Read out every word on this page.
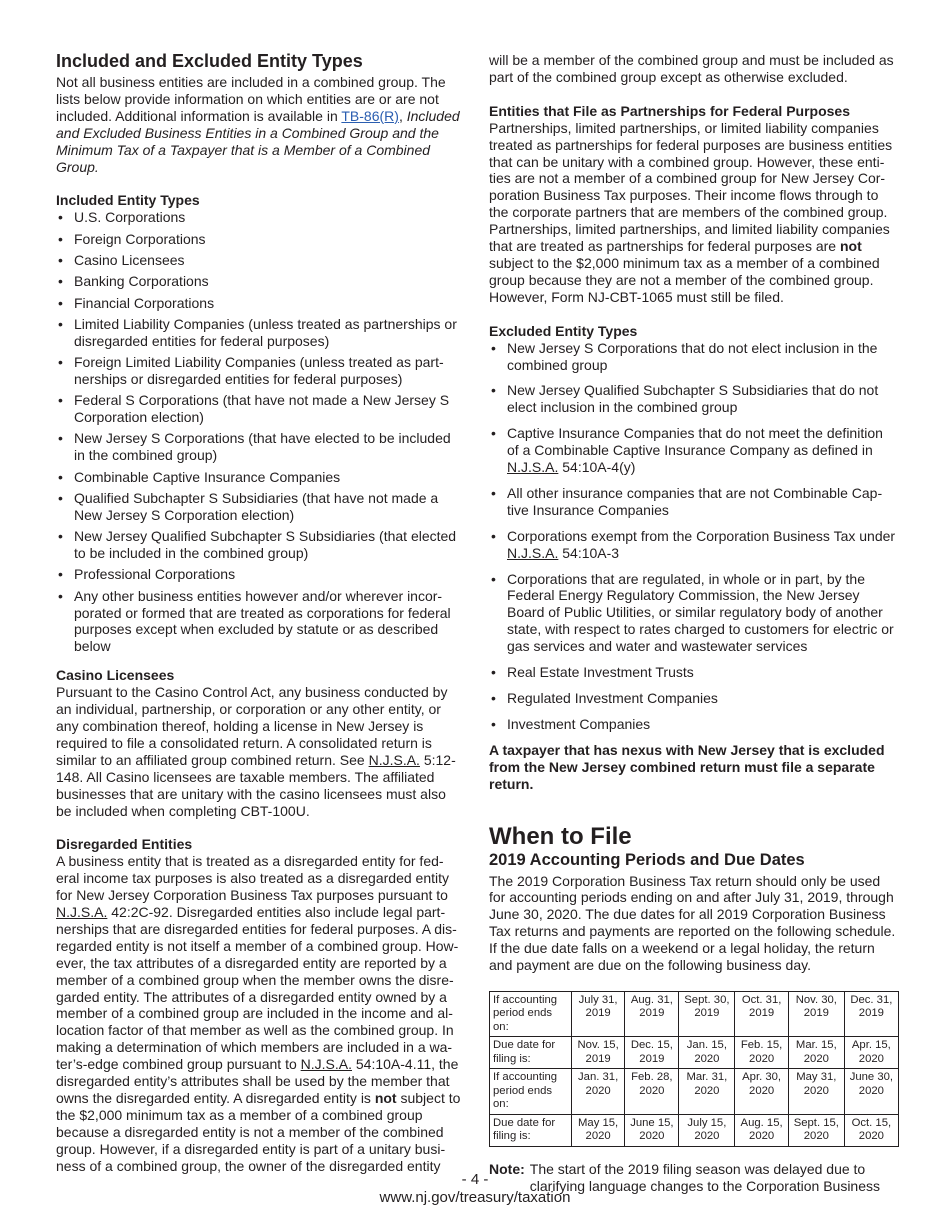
Included and Excluded Entity Types

Not all business entities are included in a combined group. The lists below provide information on which entities are or are not included. Additional information is available in TB-86(R), Included and Excluded Business Entities in a Combined Group and the Minimum Tax of a Taxpayer that is a Member of a Combined Group.

Included Entity Types
• U.S. Corporations
• Foreign Corporations
• Casino Licensees
• Banking Corporations
• Financial Corporations
• Limited Liability Companies (unless treated as partnerships or disregarded entities for federal purposes)
• Foreign Limited Liability Companies (unless treated as partnerships or disregarded entities for federal purposes)
• Federal S Corporations (that have not made a New Jersey S Corporation election)
• New Jersey S Corporations (that have elected to be included in the combined group)
• Combinable Captive Insurance Companies
• Qualified Subchapter S Subsidiaries (that have not made a New Jersey S Corporation election)
• New Jersey Qualified Subchapter S Subsidiaries (that elected to be included in the combined group)
• Professional Corporations
• Any other business entities however and/or wherever incorporated or formed that are treated as corporations for federal purposes except when excluded by statute or as described below
Casino Licensees

Pursuant to the Casino Control Act, any business conducted by an individual, partnership, or corporation or any other entity, or any combination thereof, holding a license in New Jersey is required to file a consolidated return. A consolidated return is similar to an affiliated group combined return. See N.J.S.A. 5:12-148. All Casino licensees are taxable members. The affiliated businesses that are unitary with the casino licensees must also be included when completing CBT-100U.

Disregarded Entities

A business entity that is treated as a disregarded entity for federal income tax purposes is also treated as a disregarded entity for New Jersey Corporation Business Tax purposes pursuant to N.J.S.A. 42:2C-92. Disregarded entities also include legal partnerships that are disregarded entities for federal purposes. A disregarded entity is not itself a member of a combined group. However, the tax attributes of a disregarded entity are reported by a member of a combined group when the member owns the disregarded entity. The attributes of a disregarded entity owned by a member of a combined group are included in the income and allocation factor of that member as well as the combined group. In making a determination of which members are included in a water’s-edge combined group pursuant to N.J.S.A. 54:10A-4.11, the disregarded entity’s attributes shall be used by the member that owns the disregarded entity. A disregarded entity is not subject to the $2,000 minimum tax as a member of a combined group because a disregarded entity is not a member of the combined group. However, if a disregarded entity is part of a unitary business of a combined group, the owner of the disregarded entity

will be a member of the combined group and must be included as part of the combined group except as otherwise excluded.

Entities that File as Partnerships for Federal Purposes

Partnerships, limited partnerships, or limited liability companies treated as partnerships for federal purposes are business entities that can be unitary with a combined group. However, these entities are not a member of a combined group for New Jersey Corporation Business Tax purposes. Their income flows through to the corporate partners that are members of the combined group. Partnerships, limited partnerships, and limited liability companies that are treated as partnerships for federal purposes are not subject to the $2,000 minimum tax as a member of a combined group because they are not a member of the combined group. However, Form NJ-CBT-1065 must still be filed.

Excluded Entity Types
• New Jersey S Corporations that do not elect inclusion in the combined group
• New Jersey Qualified Subchapter S Subsidiaries that do not elect inclusion in the combined group
• Captive Insurance Companies that do not meet the definition of a Combinable Captive Insurance Company as defined in N.J.S.A. 54:10A-4(y)
• All other insurance companies that are not Combinable Captive Insurance Companies
• Corporations exempt from the Corporation Business Tax under N.J.S.A. 54:10A-3
• Corporations that are regulated, in whole or in part, by the Federal Energy Regulatory Commission, the New Jersey Board of Public Utilities, or similar regulatory body of another state, with respect to rates charged to customers for electric or gas services and water and wastewater services
• Real Estate Investment Trusts
• Regulated Investment Companies
• Investment Companies

A taxpayer that has nexus with New Jersey that is excluded from the New Jersey combined return must file a separate return.

When to File
2019 Accounting Periods and Due Dates

The 2019 Corporation Business Tax return should only be used for accounting periods ending on and after July 31, 2019, through June 30, 2020. The due dates for all 2019 Corporation Business Tax returns and payments are reported on the following schedule. If the due date falls on a weekend or a legal holiday, the return and payment are due on the following business day.

If accounting period ends on:	July 31, 2019	Aug. 31, 2019	Sept. 30, 2019	Oct. 31, 2019	Nov. 30, 2019	Dec. 31, 2019
Due date for filing is:	Nov. 15, 2019	Dec. 15, 2019	Jan. 15, 2020	Feb. 15, 2020	Mar. 15, 2020	Apr. 15, 2020
If accounting period ends on:	Jan. 31, 2020	Feb. 28, 2020	Mar. 31, 2020	Apr. 30, 2020	May 31, 2020	June 30, 2020
Due date for filing is:	May 15, 2020	June 15, 2020	July 15, 2020	Aug. 15, 2020	Sept. 15, 2020	Oct. 15, 2020
Note: The start of the 2019 filing season was delayed due to clarifying language changes to the Corporation Business
- 4 -
www.nj.gov/treasury/taxation
